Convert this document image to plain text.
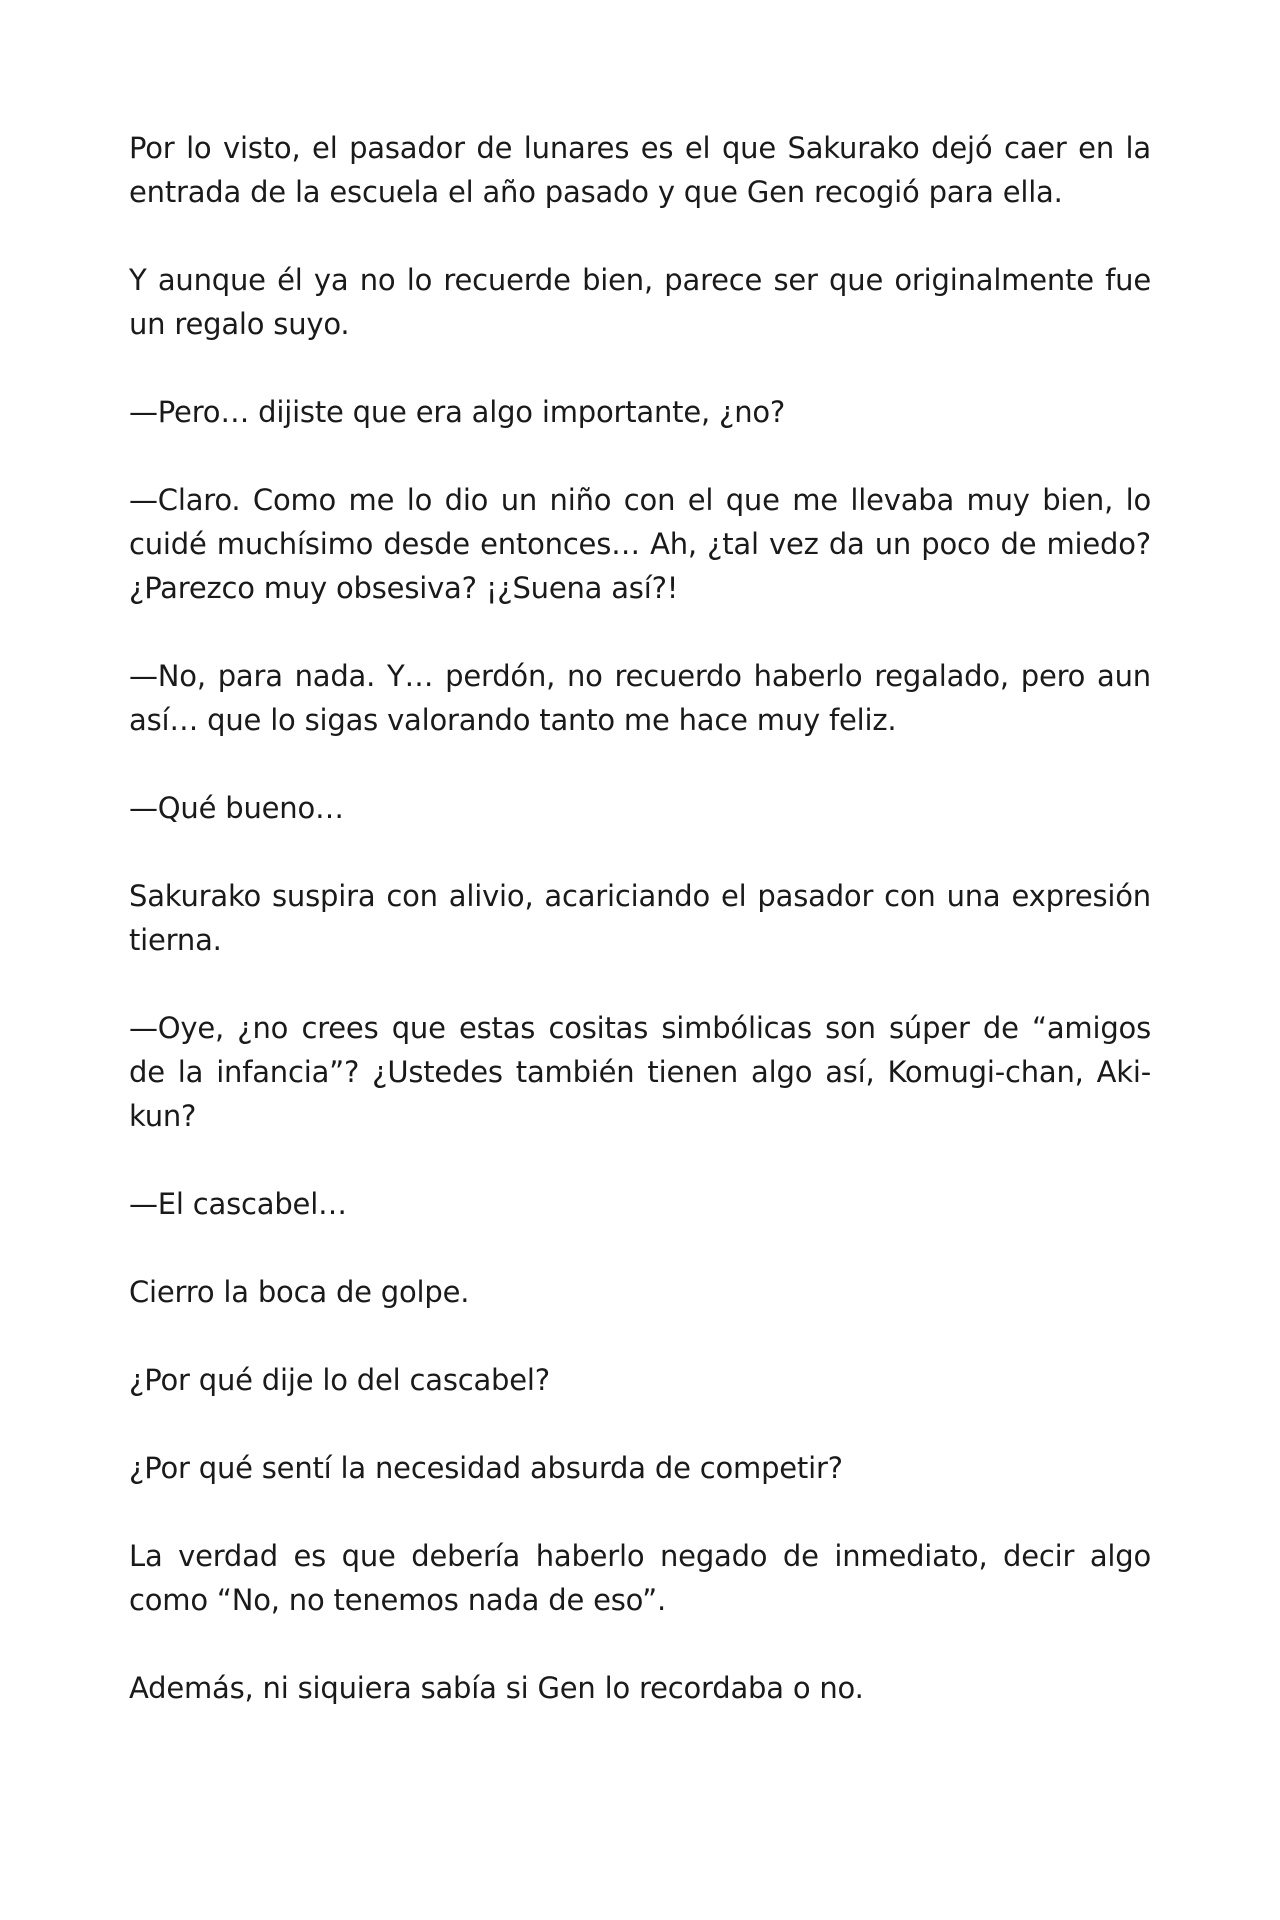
Por lo visto, el pasador de lunares es el que Sakurako dejó caer en la entrada de la escuela el año pasado y que Gen recogió para ella.

Y aunque él ya no lo recuerde bien, parece ser que originalmente fue un regalo suyo.

—Pero… dijiste que era algo importante, ¿no?

—Claro. Como me lo dio un niño con el que me llevaba muy bien, lo cuidé muchísimo desde entonces… Ah, ¿tal vez da un poco de miedo? ¿Parezco muy obsesiva? ¡¿Suena así?!

—No, para nada. Y… perdón, no recuerdo haberlo regalado, pero aun así… que lo sigas valorando tanto me hace muy feliz.

—Qué bueno…

Sakurako suspira con alivio, acariciando el pasador con una expresión tierna.

—Oye, ¿no crees que estas cositas simbólicas son súper de “amigos de la infancia”? ¿Ustedes también tienen algo así, Komugi-chan, Aki-kun?

—El cascabel…

Cierro la boca de golpe.

¿Por qué dije lo del cascabel?

¿Por qué sentí la necesidad absurda de competir?

La verdad es que debería haberlo negado de inmediato, decir algo como “No, no tenemos nada de eso”.

Además, ni siquiera sabía si Gen lo recordaba o no.
